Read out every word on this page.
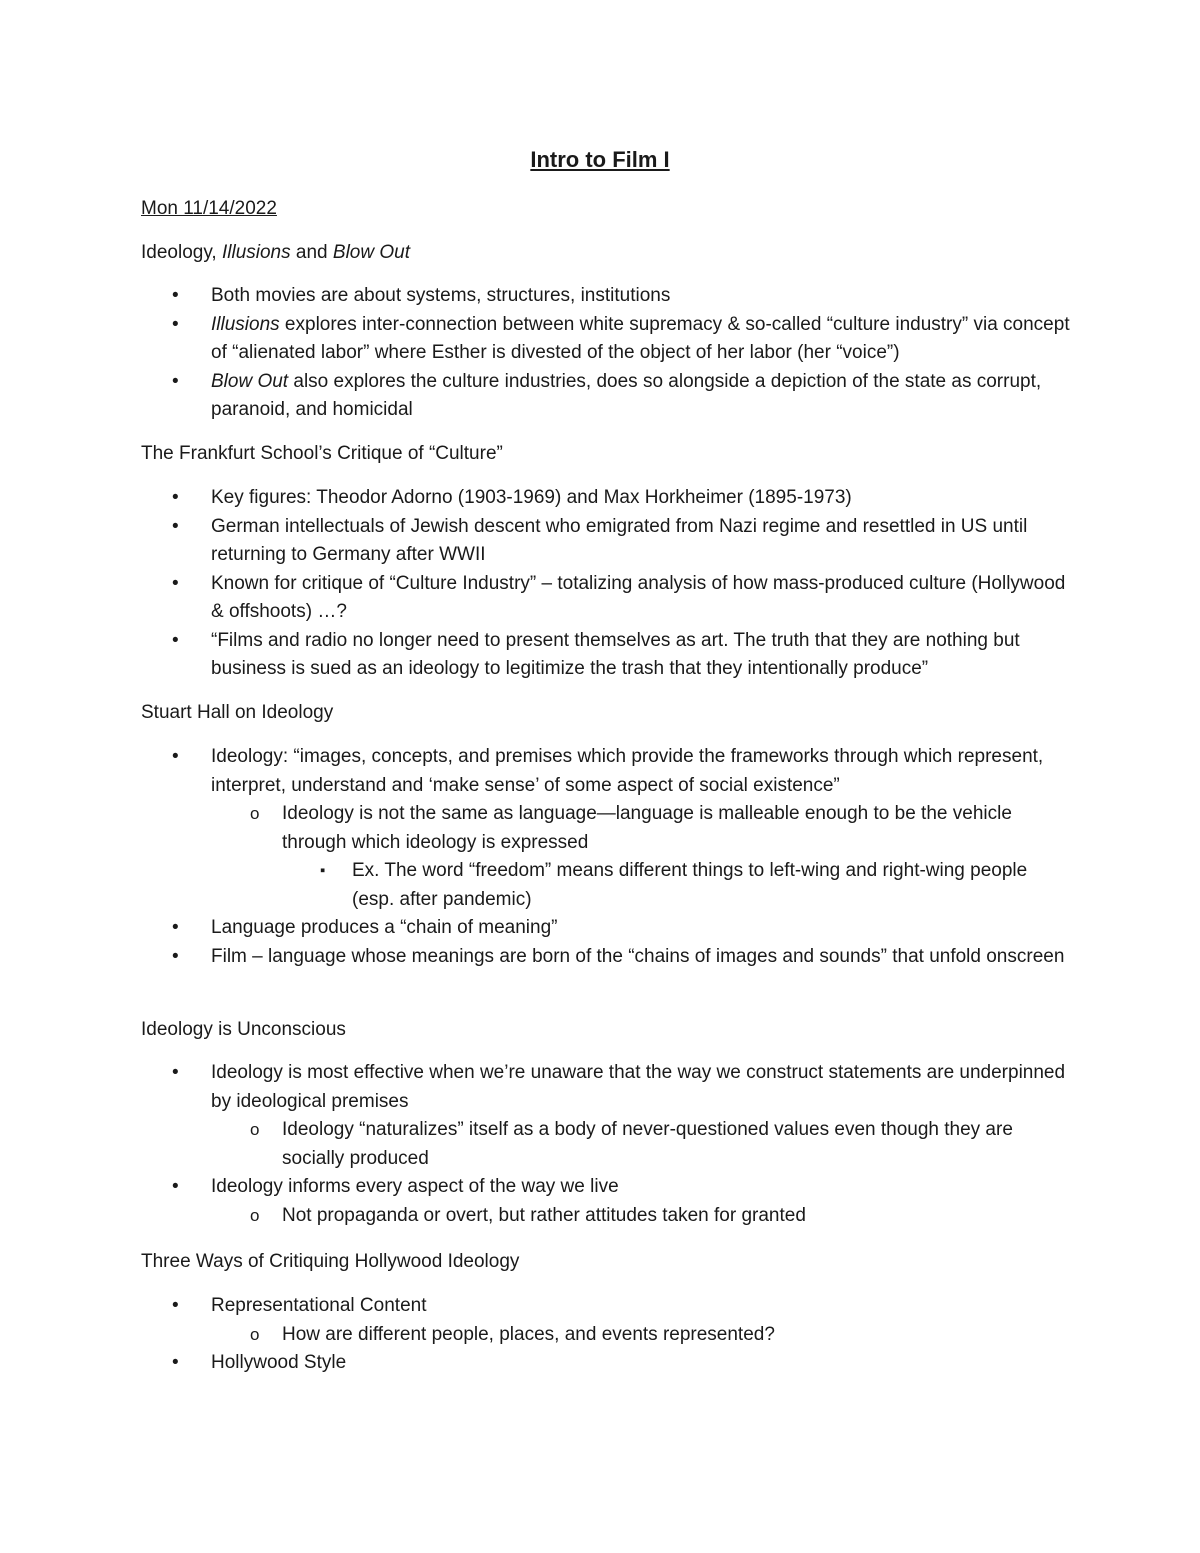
Intro to Film I

Mon 11/14/2022

Ideology, Illusions and Blow Out

• Both movies are about systems, structures, institutions
• Illusions explores inter-connection between white supremacy & so-called “culture industry” via concept of “alienated labor” where Esther is divested of the object of her labor (her “voice”)
• Blow Out also explores the culture industries, does so alongside a depiction of the state as corrupt, paranoid, and homicidal

The Frankfurt School’s Critique of “Culture”

• Key figures: Theodor Adorno (1903-1969) and Max Horkheimer (1895-1973)
• German intellectuals of Jewish descent who emigrated from Nazi regime and resettled in US until returning to Germany after WWII
• Known for critique of “Culture Industry” – totalizing analysis of how mass-produced culture (Hollywood & offshoots) …?
• “Films and radio no longer need to present themselves as art. The truth that they are nothing but business is sued as an ideology to legitimize the trash that they intentionally produce”

Stuart Hall on Ideology

• Ideology: “images, concepts, and premises which provide the frameworks through which represent, interpret, understand and ‘make sense’ of some aspect of social existence”
o Ideology is not the same as language—language is malleable enough to be the vehicle through which ideology is expressed
▪ Ex. The word “freedom” means different things to left-wing and right-wing people (esp. after pandemic)
• Language produces a “chain of meaning”
• Film – language whose meanings are born of the “chains of images and sounds” that unfold onscreen

Ideology is Unconscious

• Ideology is most effective when we’re unaware that the way we construct statements are underpinned by ideological premises
o Ideology “naturalizes” itself as a body of never-questioned values even though they are socially produced
• Ideology informs every aspect of the way we live
o Not propaganda or overt, but rather attitudes taken for granted

Three Ways of Critiquing Hollywood Ideology

• Representational Content
o How are different people, places, and events represented?
• Hollywood Style
